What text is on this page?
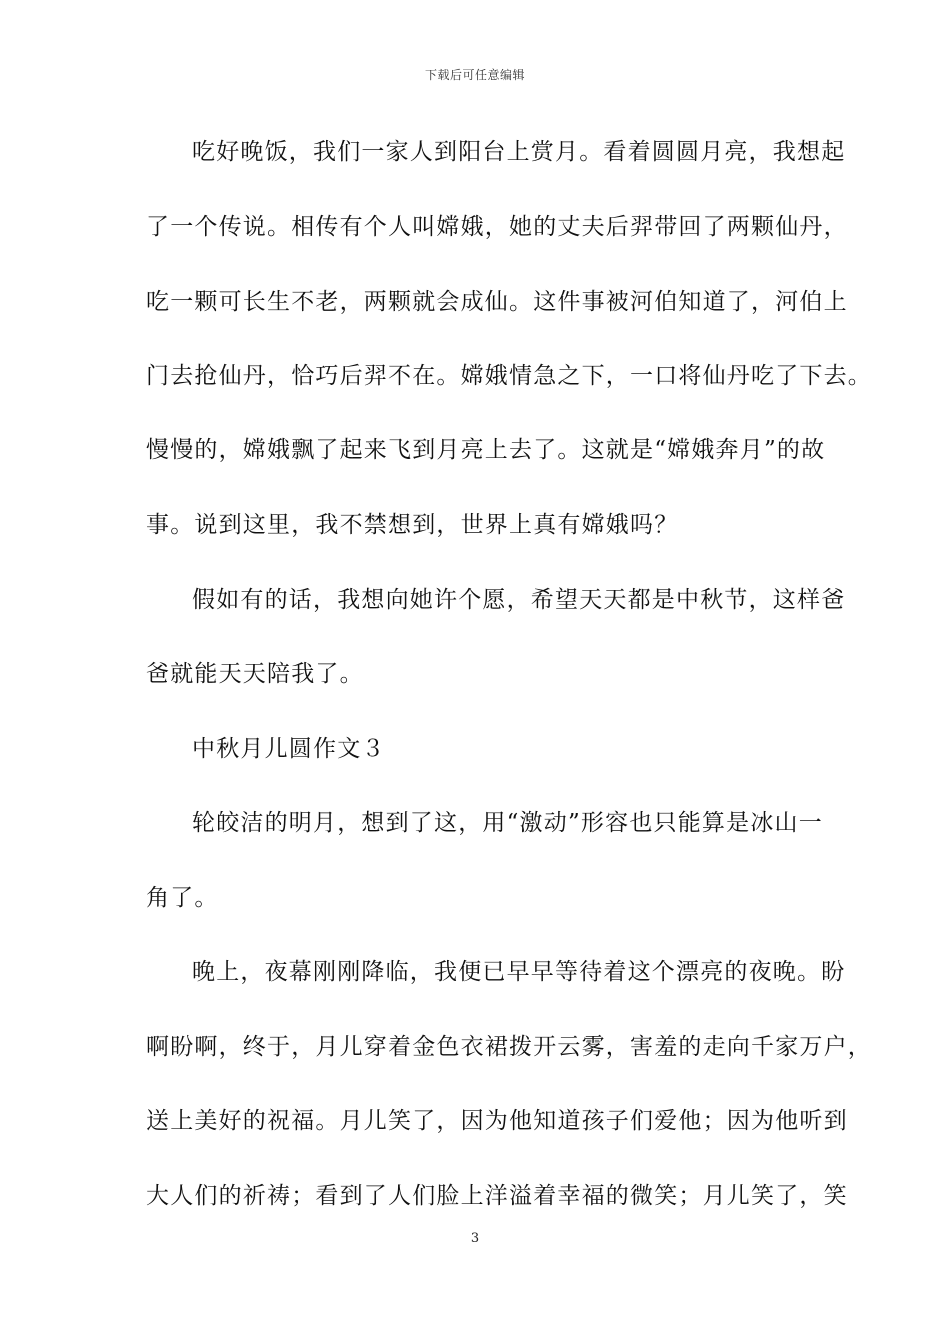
下载后可任意编辑
吃好晚饭，我们一家人到阳台上赏月。看着圆圆月亮，我想起
了一个传说。相传有个人叫嫦娥，她的丈夫后羿带回了两颗仙丹，
吃一颗可长生不老，两颗就会成仙。这件事被河伯知道了，河伯上
门去抢仙丹，恰巧后羿不在。嫦娥情急之下，一口将仙丹吃了下去。
慢慢的，嫦娥飘了起来飞到月亮上去了。这就是“嫦娥奔月”的故
事。说到这里，我不禁想到，世界上真有嫦娥吗？
假如有的话，我想向她许个愿，希望天天都是中秋节，这样爸
爸就能天天陪我了。
中秋月儿圆作文３
轮皎洁的明月，想到了这，用“激动”形容也只能算是冰山一
角了。
晚上，夜幕刚刚降临，我便已早早等待着这个漂亮的夜晚。盼
啊盼啊，终于，月儿穿着金色衣裙拨开云雾，害羞的走向千家万户，
送上美好的祝福。月儿笑了，因为他知道孩子们爱他；因为他听到
大人们的祈祷；看到了人们脸上洋溢着幸福的微笑；月儿笑了，笑
3
